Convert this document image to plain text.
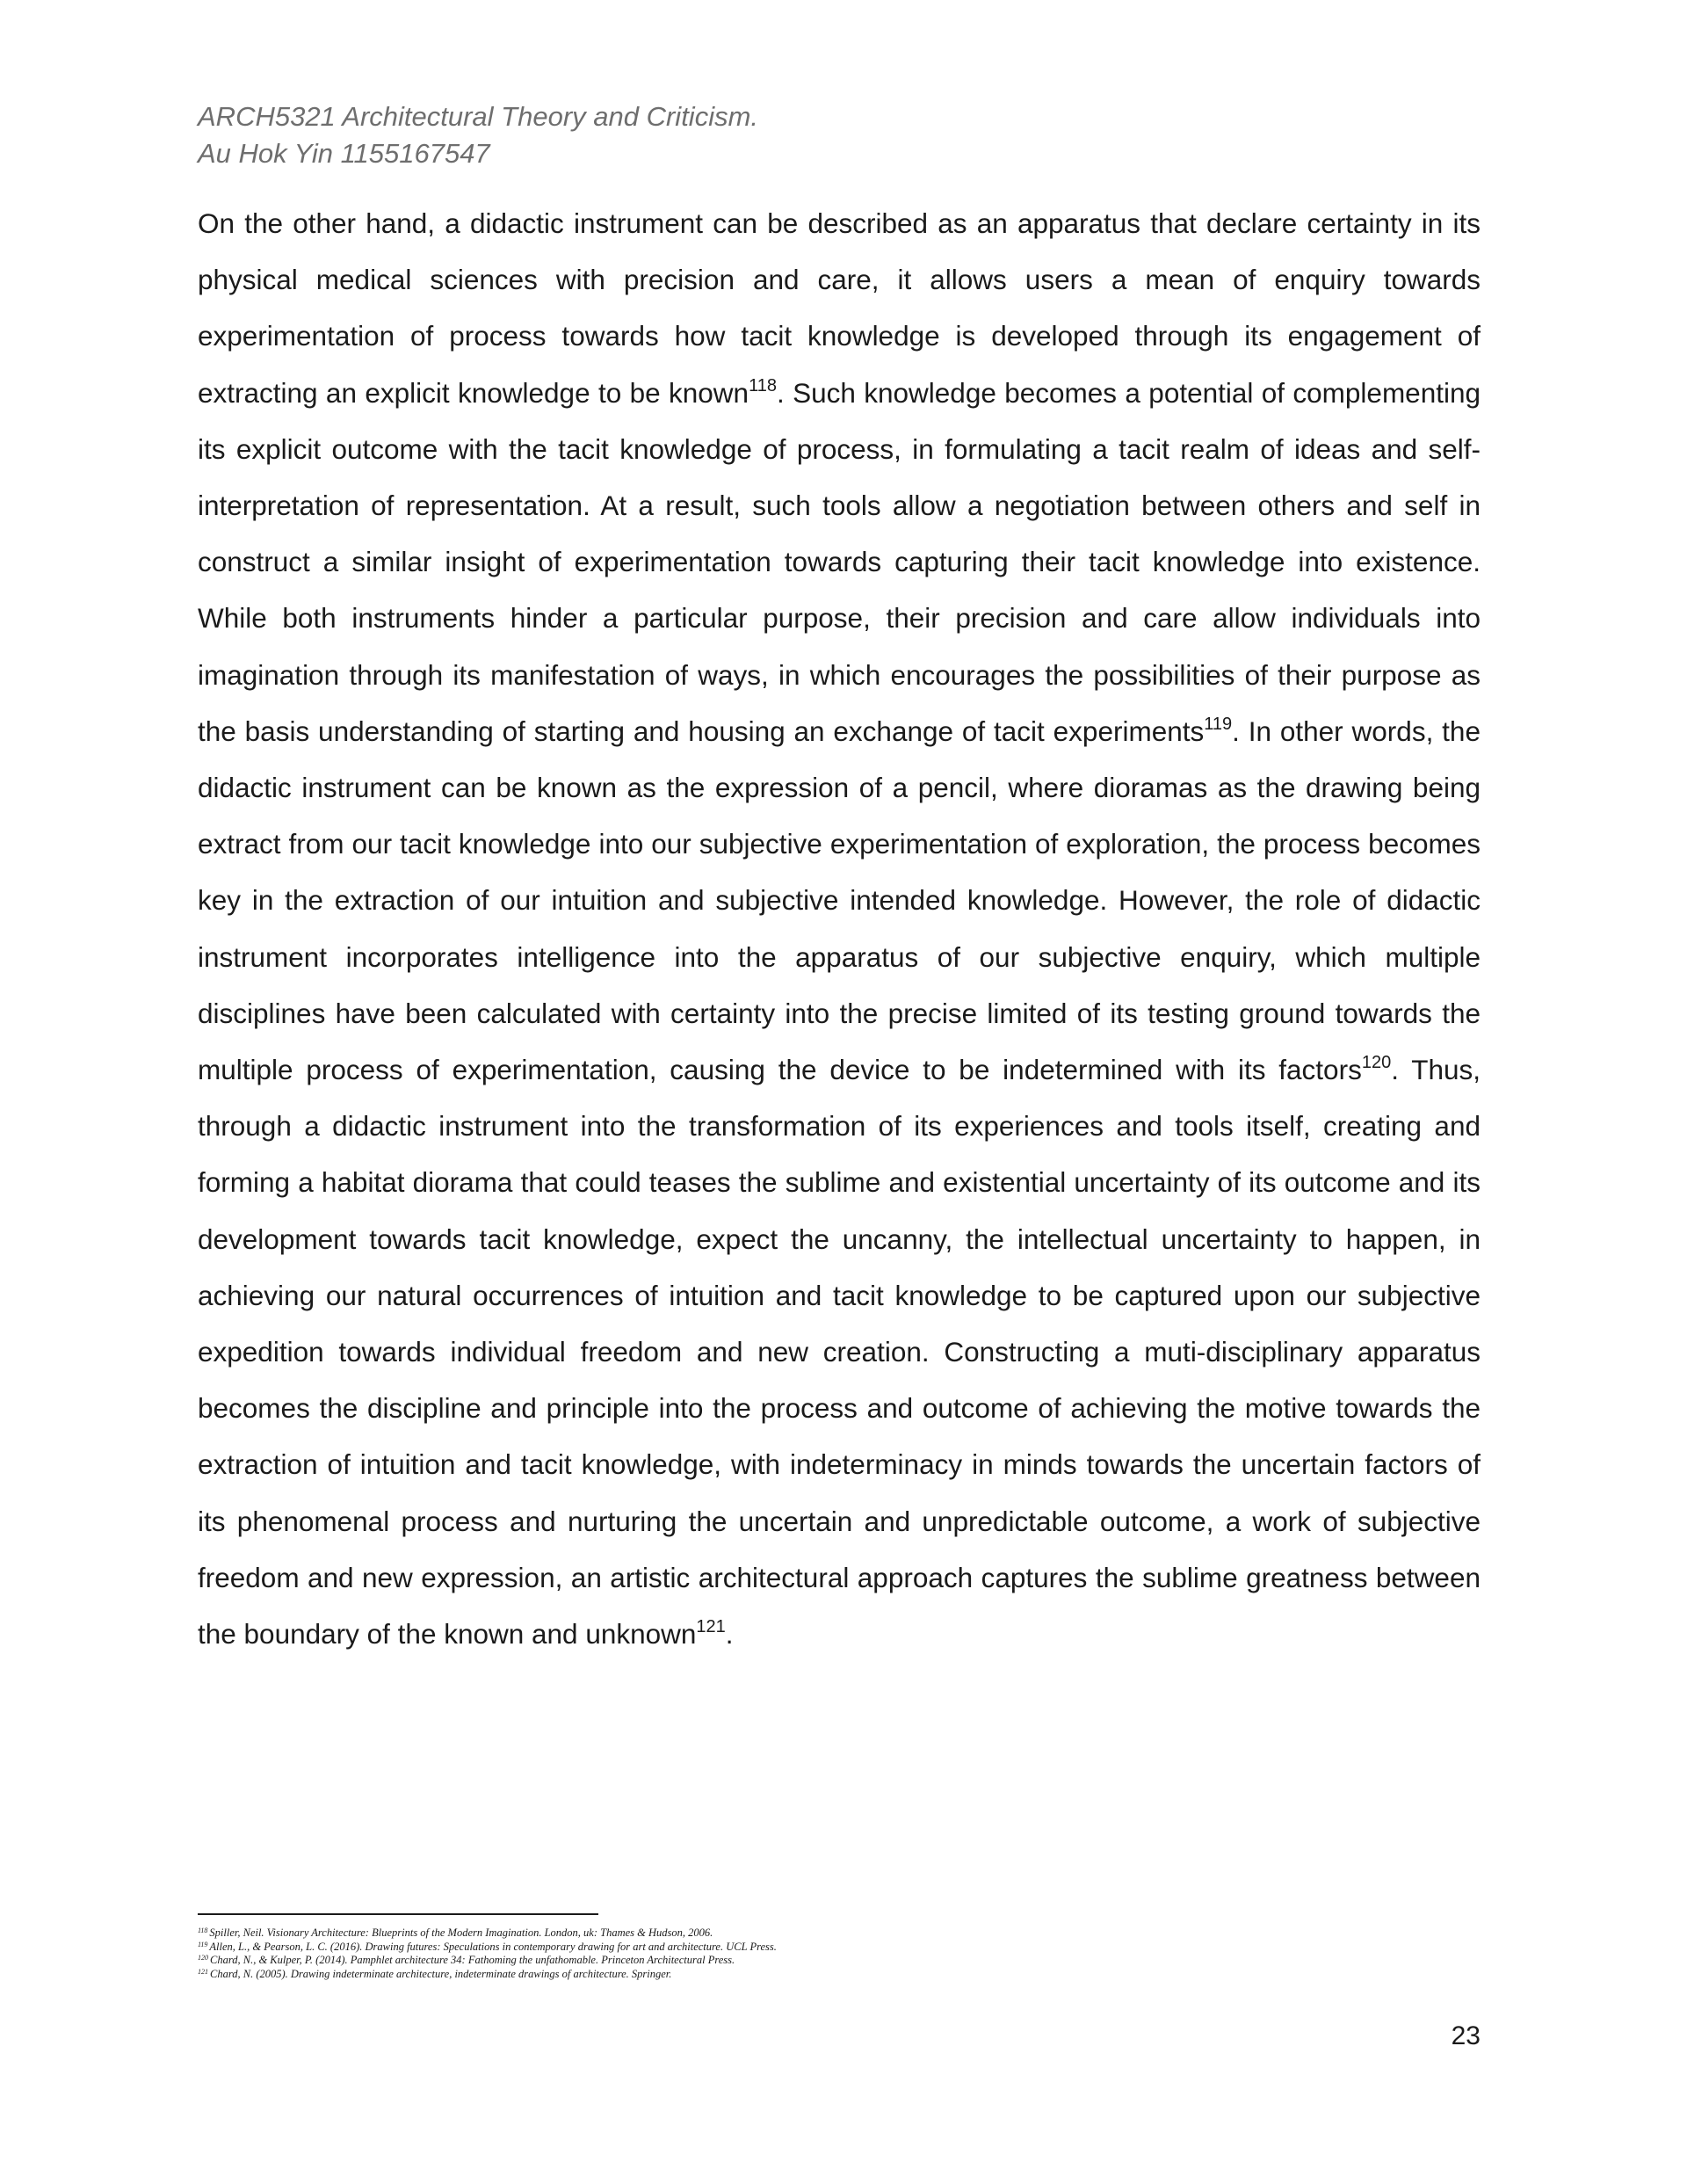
ARCH5321 Architectural Theory and Criticism.
Au Hok Yin 1155167547
On the other hand, a didactic instrument can be described as an apparatus that declare certainty in its physical medical sciences with precision and care, it allows users a mean of enquiry towards experimentation of process towards how tacit knowledge is developed through its engagement of extracting an explicit knowledge to be known$^{118}$. Such knowledge becomes a potential of complementing its explicit outcome with the tacit knowledge of process, in formulating a tacit realm of ideas and self-interpretation of representation. At a result, such tools allow a negotiation between others and self in construct a similar insight of experimentation towards capturing their tacit knowledge into existence. While both instruments hinder a particular purpose, their precision and care allow individuals into imagination through its manifestation of ways, in which encourages the possibilities of their purpose as the basis understanding of starting and housing an exchange of tacit experiments$^{119}$. In other words, the didactic instrument can be known as the expression of a pencil, where dioramas as the drawing being extract from our tacit knowledge into our subjective experimentation of exploration, the process becomes key in the extraction of our intuition and subjective intended knowledge. However, the role of didactic instrument incorporates intelligence into the apparatus of our subjective enquiry, which multiple disciplines have been calculated with certainty into the precise limited of its testing ground towards the multiple process of experimentation, causing the device to be indetermined with its factors$^{120}$. Thus, through a didactic instrument into the transformation of its experiences and tools itself, creating and forming a habitat diorama that could teases the sublime and existential uncertainty of its outcome and its development towards tacit knowledge, expect the uncanny, the intellectual uncertainty to happen, in achieving our natural occurrences of intuition and tacit knowledge to be captured upon our subjective expedition towards individual freedom and new creation. Constructing a muti-disciplinary apparatus becomes the discipline and principle into the process and outcome of achieving the motive towards the extraction of intuition and tacit knowledge, with indeterminacy in minds towards the uncertain factors of its phenomenal process and nurturing the uncertain and unpredictable outcome, a work of subjective freedom and new expression, an artistic architectural approach captures the sublime greatness between the boundary of the known and unknown$^{121}$.
$^{118}$ Spiller, Neil. Visionary Architecture: Blueprints of the Modern Imagination. London, uk: Thames & Hudson, 2006.
$^{119}$ Allen, L., & Pearson, L. C. (2016). Drawing futures: Speculations in contemporary drawing for art and architecture. UCL Press.
$^{120}$ Chard, N., & Kulper, P. (2014). Pamphlet architecture 34: Fathoming the unfathomable. Princeton Architectural Press.
$^{121}$ Chard, N. (2005). Drawing indeterminate architecture, indeterminate drawings of architecture. Springer.
23
